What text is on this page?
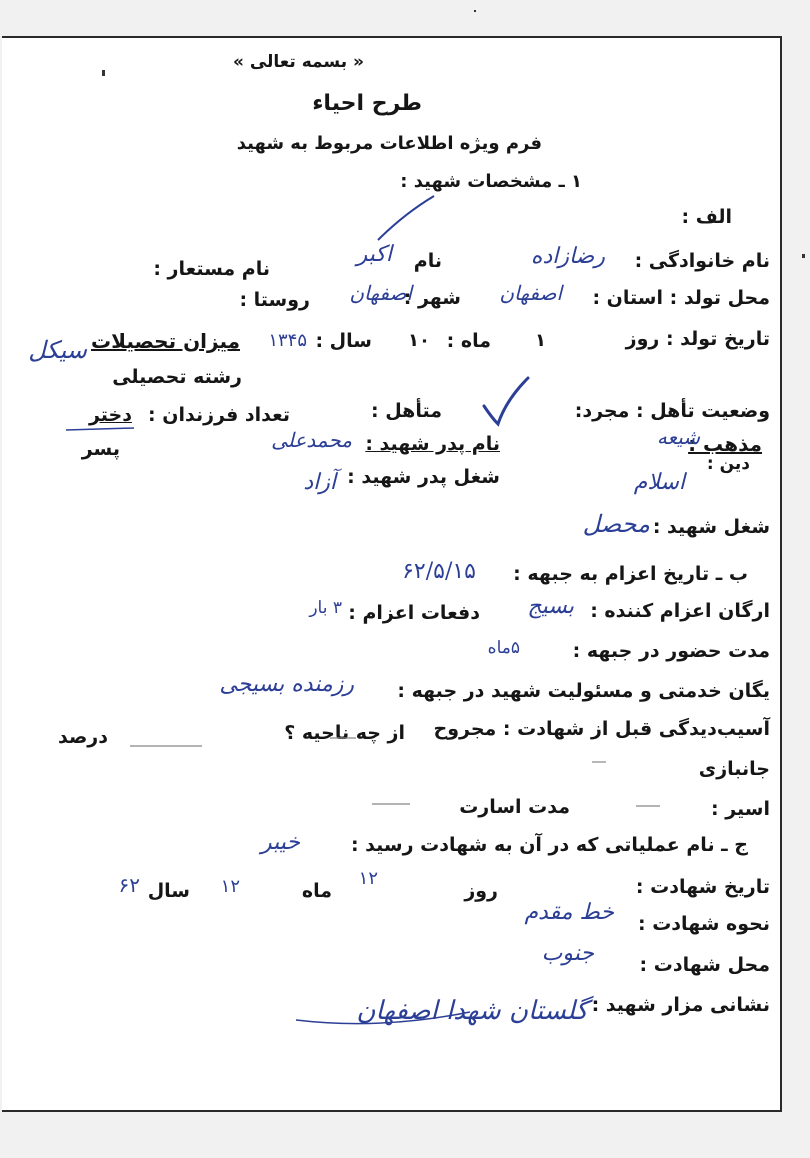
« بسمه تعالی »
طرح احیاء
فرم ویژه اطلاعات مربوط به شهید
۱ ـ مشخصات شهید :
الف :
نام خانوادگی :
رضازاده
نام
اکبر
نام مستعار :
محل تولد : استان :
اصفهان
شهر :
اصفهان
روستا :
تاریخ تولد : روز
۱
ماه :
۱۰
سال :
۱۳۴۵
میزان تحصیلات
سیکل
رشته تحصیلی
وضعیت تأهل : مجرد:
متأهل :
تعداد فرزندان :
دختر
پسر	مذهب :
شیعه
دین :
اسلام
نام پدر شهید :
محمدعلی
شغل پدر شهید :
آزاد
شغل شهید :
محصل
ب ـ تاریخ اعزام به جبهه :
۶۲/۵/۱۵
ارگان اعزام کننده :
بسیج
دفعات اعزام :
۳ بار
مدت حضور در جبهه :
۵ماه
یگان خدمتی و مسئولیت شهید در جبهه :
رزمنده بسیجی
آسیب‌دیدگی قبل از شهادت : مجروح
از چه ناحیه ؟
درصد
جانبازی
اسیر :
مدت اسارت
ج ـ نام عملیاتی که در آن به شهادت رسید :
خیبر
تاریخ شهادت :
روز
۱۲
ماه
۱۲
سال
۶۲
نحوه شهادت :
خط مقدم
محل شهادت :
جنوب
نشانی مزار شهید :
گلستان شهدا اصفهان
